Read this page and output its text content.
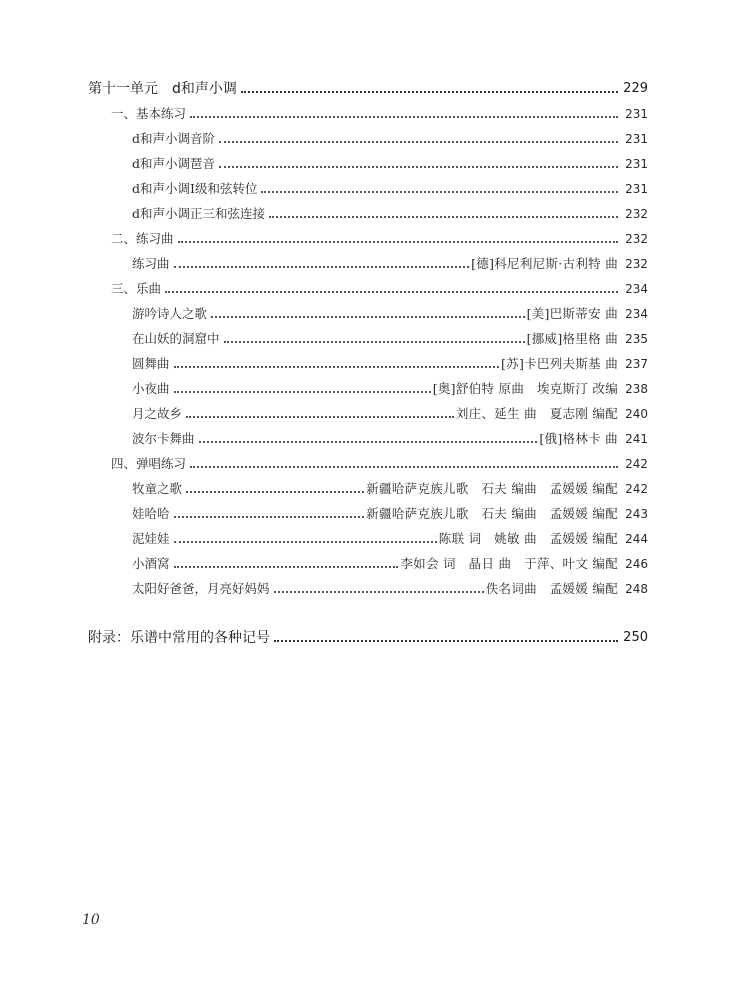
第十一单元　d和声小调	229
一、基本练习	231
d和声小调音阶	231
d和声小调琶音	231
d和声小调Ⅰ级和弦转位	231
d和声小调正三和弦连接	232
二、练习曲	232
练习曲	[德]科尼利尼斯·古利特 曲 232
三、乐曲	234
游吟诗人之歌	[美]巴斯蒂安 曲 234
在山妖的洞窟中	[挪威]格里格 曲 235
圆舞曲	[苏]卡巴列夫斯基 曲 237
小夜曲	[奥]舒伯特 原曲　埃克斯汀 改编 238
月之故乡	刘庄、延生 曲　夏志刚 编配 240
波尔卡舞曲	[俄]格林卡 曲 241
四、弹唱练习	242
牧童之歌	新疆哈萨克族儿歌　石夫 编曲　孟媛媛 编配 242
娃哈哈	新疆哈萨克族儿歌　石夫 编曲　孟媛媛 编配 243
泥娃娃	陈联 词　姚敏 曲　孟媛媛 编配 244
小酒窝	李如会 词　晶日 曲　于萍、叶文 编配 246
太阳好爸爸，月亮好妈妈	佚名词曲　孟媛媛 编配 248
附录：乐谱中常用的各种记号	250
10
